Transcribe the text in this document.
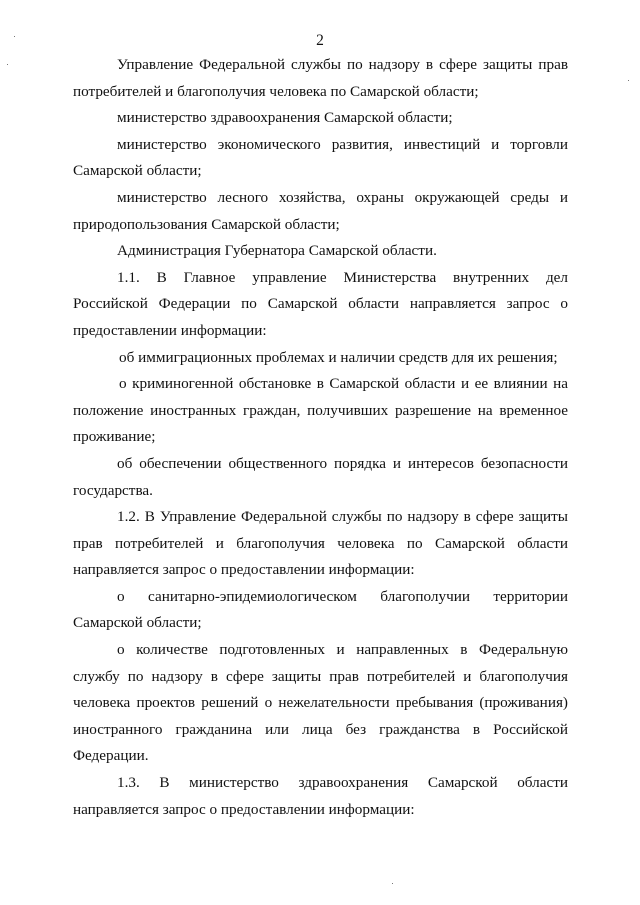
2

Управление Федеральной службы по надзору в сфере защиты прав потребителей и благополучия человека по Самарской области;

министерство здравоохранения Самарской области;

министерство экономического развития, инвестиций и торговли Самарской области;

министерство лесного хозяйства, охраны окружающей среды и природопользования Самарской области;

Администрация Губернатора Самарской области.

1.1. В Главное управление Министерства внутренних дел Российской Федерации по Самарской области направляется запрос о предоставлении информации:

об иммиграционных проблемах и наличии средств для их решения;

о криминогенной обстановке в Самарской области и ее влиянии на положение иностранных граждан, получивших разрешение на временное проживание;

об обеспечении общественного порядка и интересов безопасности государства.

1.2. В Управление Федеральной службы по надзору в сфере защиты прав потребителей и благополучия человека по Самарской области направляется запрос о предоставлении информации:

о санитарно-эпидемиологическом благополучии территории Самарской области;

о количестве подготовленных и направленных в Федеральную службу по надзору в сфере защиты прав потребителей и благополучия человека проектов решений о нежелательности пребывания (проживания) иностранного гражданина или лица без гражданства в Российской Федерации.

1.3. В министерство здравоохранения Самарской области направляется запрос о предоставлении информации:
